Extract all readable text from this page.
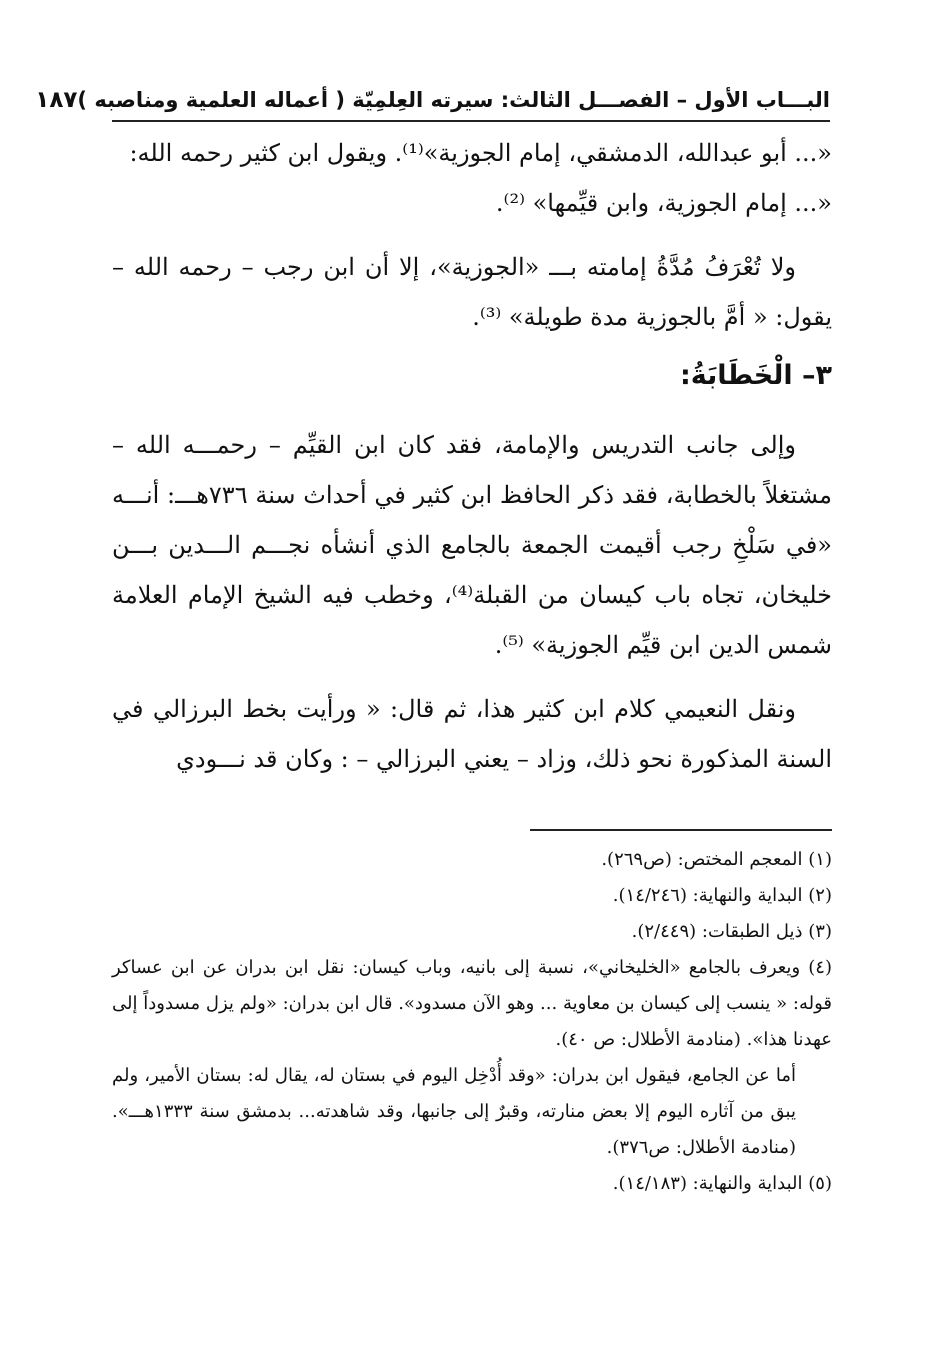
البـــاب الأول – الفصـــل الثالث: سيرته العِلمِيّة ( أعماله العلمية ومناصبه )
١٨٧

«... أبو عبدالله، الدمشقي، إمام الجوزية»⁽¹⁾. ويقول ابن كثير رحمه الله:

«... إمام الجوزية، وابن قيِّمها» ⁽²⁾.

ولا تُعْرَفُ مُدَّةُ إمامته بـــ «الجوزية»، إلا أن ابن رجب – رحمه الله – يقول: « أمَّ بالجوزية مدة طويلة» ⁽³⁾.

٣– الْخَطَابَةُ:

وإلى جانب التدريس والإمامة، فقد كان ابن القيِّم – رحمـــه الله – مشتغلاً بالخطابة، فقد ذكر الحافظ ابن كثير في أحداث سنة ٧٣٦هـــ: أنـــه «في سَلْخِ رجب أقيمت الجمعة بالجامع الذي أنشأه نجـــم الـــدين بـــن خليخان، تجاه باب كيسان من القبلة⁽⁴⁾، وخطب فيه الشيخ الإمام العلامة شمس الدين ابن قيِّم الجوزية» ⁽⁵⁾.

ونقل النعيمي كلام ابن كثير هذا، ثم قال: « ورأيت بخط البرزالي في السنة المذكورة نحو ذلك، وزاد – يعني البرزالي – : وكان قد نـــودي

(١) المعجم المختص: (ص٢٦٩).

(٢) البداية والنهاية: (١٤/٢٤٦).

(٣) ذيل الطبقات: (٢/٤٤٩).

(٤) ويعرف بالجامع «الخليخاني»، نسبة إلى بانيه، وباب كيسان: نقل ابن بدران عن ابن عساكر قوله: « ينسب إلى كيسان بن معاوية ... وهو الآن مسدود». قال ابن بدران: «ولم يزل مسدوداً إلى عهدنا هذا». (منادمة الأطلال: ص ٤٠).

أما عن الجامع، فيقول ابن بدران: «وقد أُدْخِل اليوم في بستان له، يقال له: بستان الأمير، ولم يبق من آثاره اليوم إلا بعض منارته، وقبرٌ إلى جانبها، وقد شاهدته... بدمشق سنة ١٣٣٣هـــ». (منادمة الأطلال: ص٣٧٦).

(٥) البداية والنهاية: (١٤/١٨٣).
